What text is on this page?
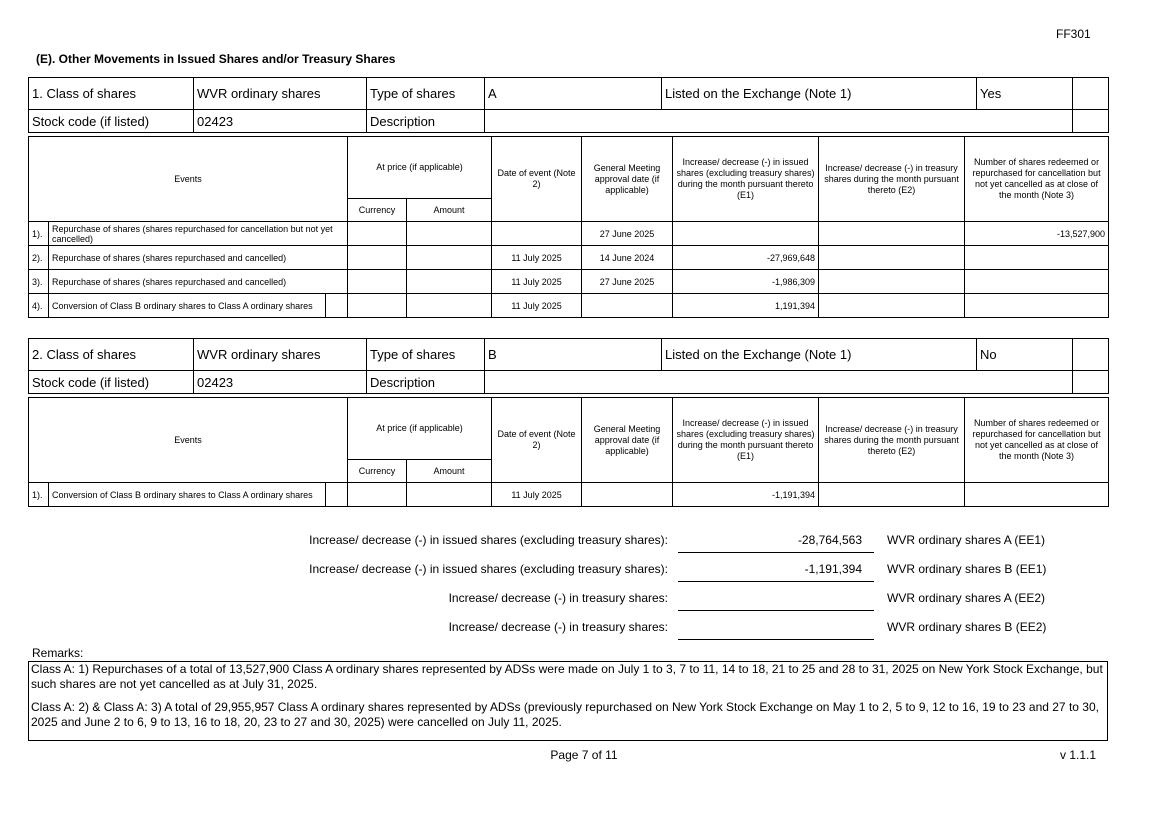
FF301
(E). Other Movements in Issued Shares and/or Treasury Shares
1. Class of shares	WVR ordinary shares	Type of shares	A	Listed on the Exchange (Note 1)	Yes	
Stock code (if listed)	02423	Description				
Events			At price (if applicable)		Date of event (Note 2)	General Meeting approval date (if applicable)	Increase/ decrease (-) in issued shares (excluding treasury shares) during the month pursuant thereto (E1)	Increase/ decrease (-) in treasury shares during the month pursuant thereto (E2)	Number of shares redeemed or repurchased for cancellation but not yet cancelled as at close of the month (Note 3)
			Currency	Amount					
1).	Repurchase of shares (shares repurchased for cancellation but not yet cancelled)					27 June 2025			-13,527,900
2).	Repurchase of shares (shares repurchased and cancelled)				11 July 2025	14 June 2024	-27,969,648		
3).	Repurchase of shares (shares repurchased and cancelled)				11 July 2025	27 June 2025	-1,986,309		
4).	Conversion of Class B ordinary shares to Class A ordinary shares				11 July 2025		1,191,394		
2. Class of shares	WVR ordinary shares	Type of shares	B	Listed on the Exchange (Note 1)	No	
Stock code (if listed)	02423	Description				
Events			At price (if applicable)		Date of event (Note 2)	General Meeting approval date (if applicable)	Increase/ decrease (-) in issued shares (excluding treasury shares) during the month pursuant thereto (E1)	Increase/ decrease (-) in treasury shares during the month pursuant thereto (E2)	Number of shares redeemed or repurchased for cancellation but not yet cancelled as at close of the month (Note 3)
			Currency	Amount					
1).	Conversion of Class B ordinary shares to Class A ordinary shares				11 July 2025		-1,191,394		
Increase/ decrease (-) in issued shares (excluding treasury shares):	-28,764,563 WVR ordinary shares A (EE1)
Increase/ decrease (-) in issued shares (excluding treasury shares):	-1,191,394 WVR ordinary shares B (EE1)
Increase/ decrease (-) in treasury shares:	WVR ordinary shares A (EE2)
Increase/ decrease (-) in treasury shares:	WVR ordinary shares B (EE2)
Remarks:

Class A: 1) Repurchases of a total of 13,527,900 Class A ordinary shares represented by ADSs were made on July 1 to 3, 7 to 11, 14 to 18, 21 to 25 and 28 to 31, 2025 on New York Stock Exchange, but such shares are not yet cancelled as at July 31, 2025.

Class A: 2) & Class A: 3) A total of 29,955,957 Class A ordinary shares represented by ADSs (previously repurchased on New York Stock Exchange on May 1 to 2, 5 to 9, 12 to 16, 19 to 23 and 27 to 30, 2025 and June 2 to 6, 9 to 13, 16 to 18, 20, 23 to 27 and 30, 2025) were cancelled on July 11, 2025.

Page 7 of 11	v 1.1.1
